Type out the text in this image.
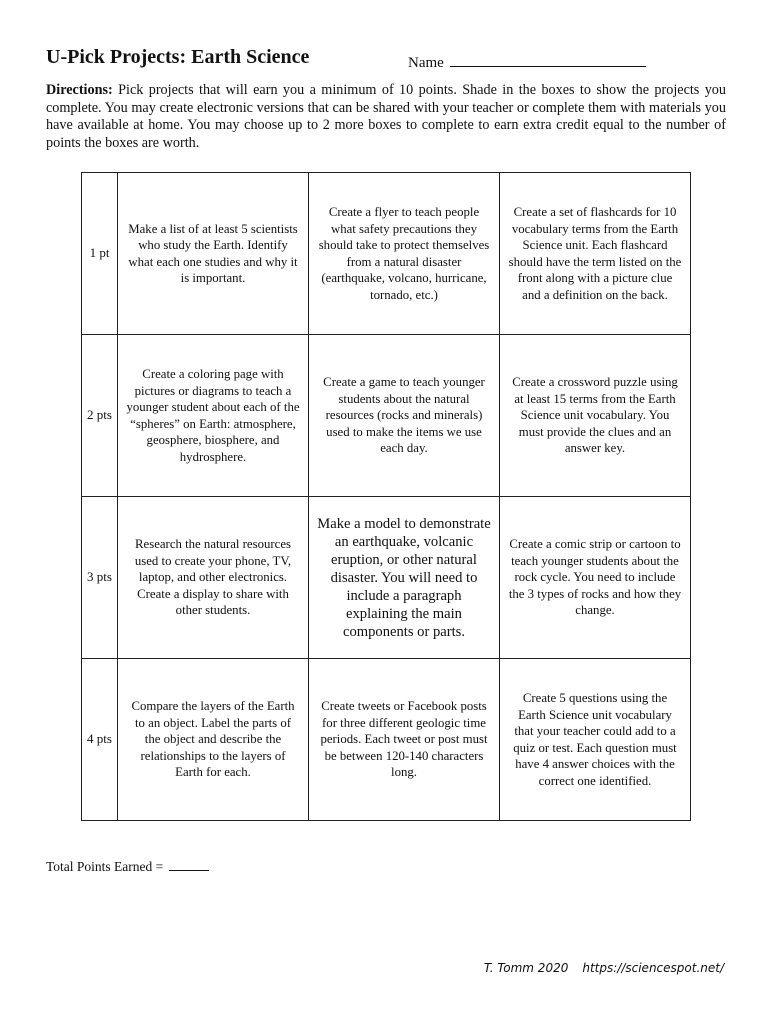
U-Pick Projects: Earth Science	Name
Directions: Pick projects that will earn you a minimum of 10 points. Shade in the boxes to show the projects you complete. You may create electronic versions that can be shared with your teacher or complete them with materials you have available at home. You may choose up to 2 more boxes to complete to earn extra credit equal to the number of points the boxes are worth.
1 pt	Make a list of at least 5 scientists who study the Earth. Identify what each one studies and why it is important.	Create a flyer to teach people what safety precautions they should take to protect themselves from a natural disaster (earthquake, volcano, hurricane, tornado, etc.)	Create a set of flashcards for 10 vocabulary terms from the Earth Science unit. Each flashcard should have the term listed on the front along with a picture clue and a definition on the back.
2 pts	Create a coloring page with pictures or diagrams to teach a younger student about each of the “spheres” on Earth: atmosphere, geosphere, biosphere, and hydrosphere.	Create a game to teach younger students about the natural resources (rocks and minerals) used to make the items we use each day.	Create a crossword puzzle using at least 15 terms from the Earth Science unit vocabulary. You must provide the clues and an answer key.
3 pts	Research the natural resources used to create your phone, TV, laptop, and other electronics. Create a display to share with other students.	Make a model to demonstrate an earthquake, volcanic eruption, or other natural disaster. You will need to include a paragraph explaining the main components or parts.	Create a comic strip or cartoon to teach younger students about the rock cycle. You need to include the 3 types of rocks and how they change.
4 pts	Compare the layers of the Earth to an object. Label the parts of the object and describe the relationships to the layers of Earth for each.	Create tweets or Facebook posts for three different geologic time periods. Each tweet or post must be between 120-140 characters long.	Create 5 questions using the Earth Science unit vocabulary that your teacher could add to a quiz or test. Each question must have 4 answer choices with the correct one identified.
Total Points Earned =
T. Tomm 2020 https://sciencespot.net/
